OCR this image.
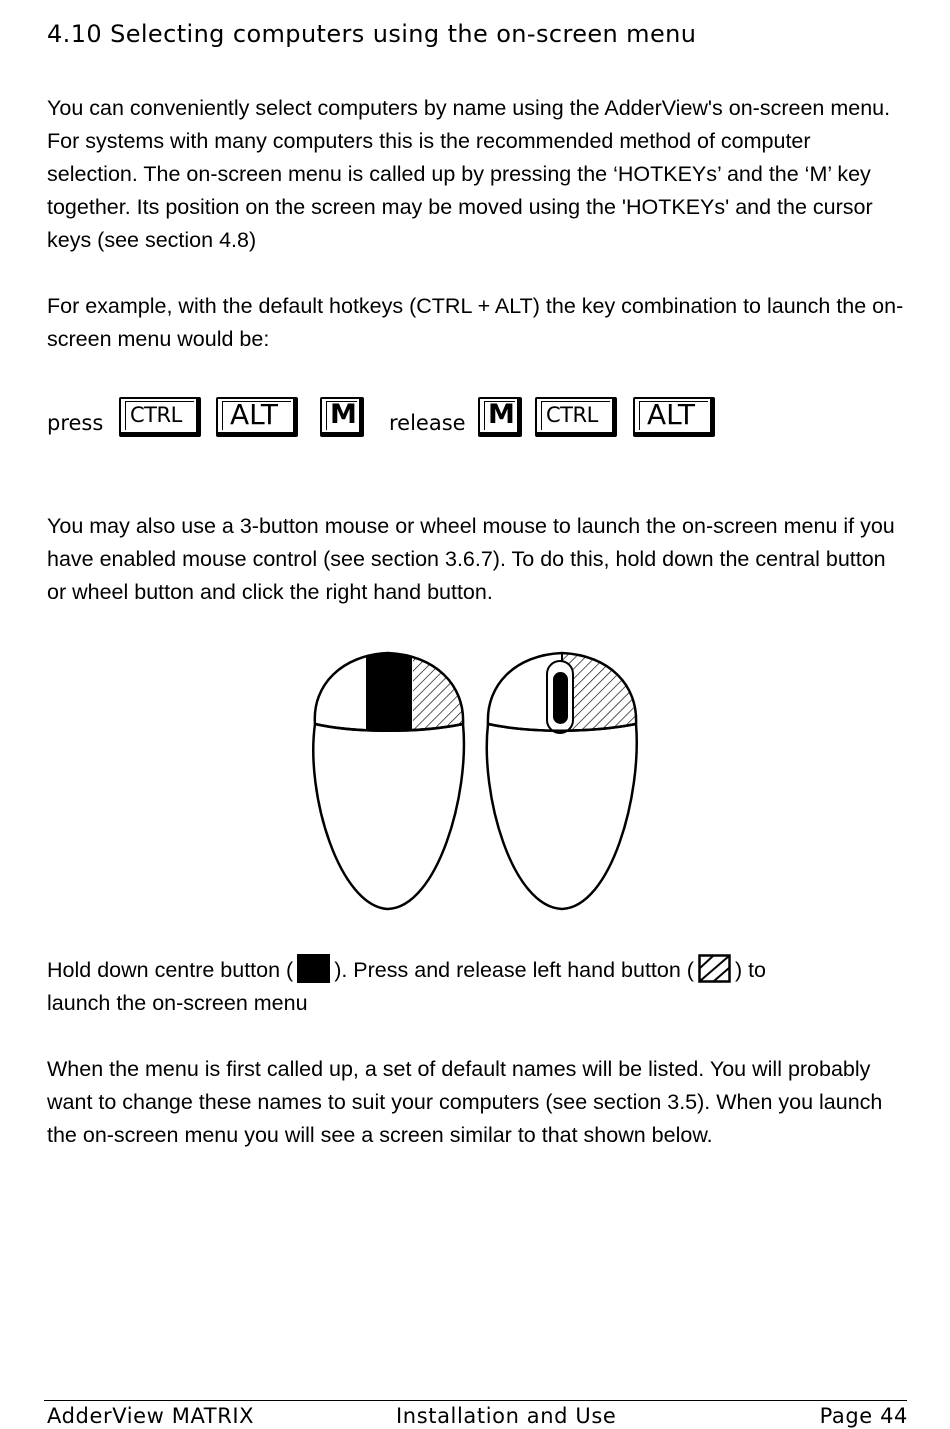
4.10 Selecting computers using the on-screen menu

You can conveniently select computers by name using the AdderView's on-screen menu. For systems with many computers this is the recommended method of computer selection. The on-screen menu is called up by pressing the ‘HOTKEYs’ and the ‘M’ key together. Its position on the screen may be moved using the 'HOTKEYs' and the cursor keys (see section 4.8)

For example, with the default hotkeys (CTRL + ALT) the key combination to launch the on-screen menu would be:

press CTRL ALT M release M CTRL ALT

You may also use a 3-button mouse or wheel mouse to launch the on-screen menu if you have enabled mouse control (see section 3.6.7). To do this, hold down the central button or wheel button and click the right hand button.

Hold down centre button ( ). Press and release left hand button ( ) to
launch the on-screen menu

When the menu is first called up, a set of default names will be listed. You will probably want to change these names to suit your computers (see section 3.5). When you launch the on-screen menu you will see a screen similar to that shown below.

AdderView MATRIX	Installation and Use	Page 44
